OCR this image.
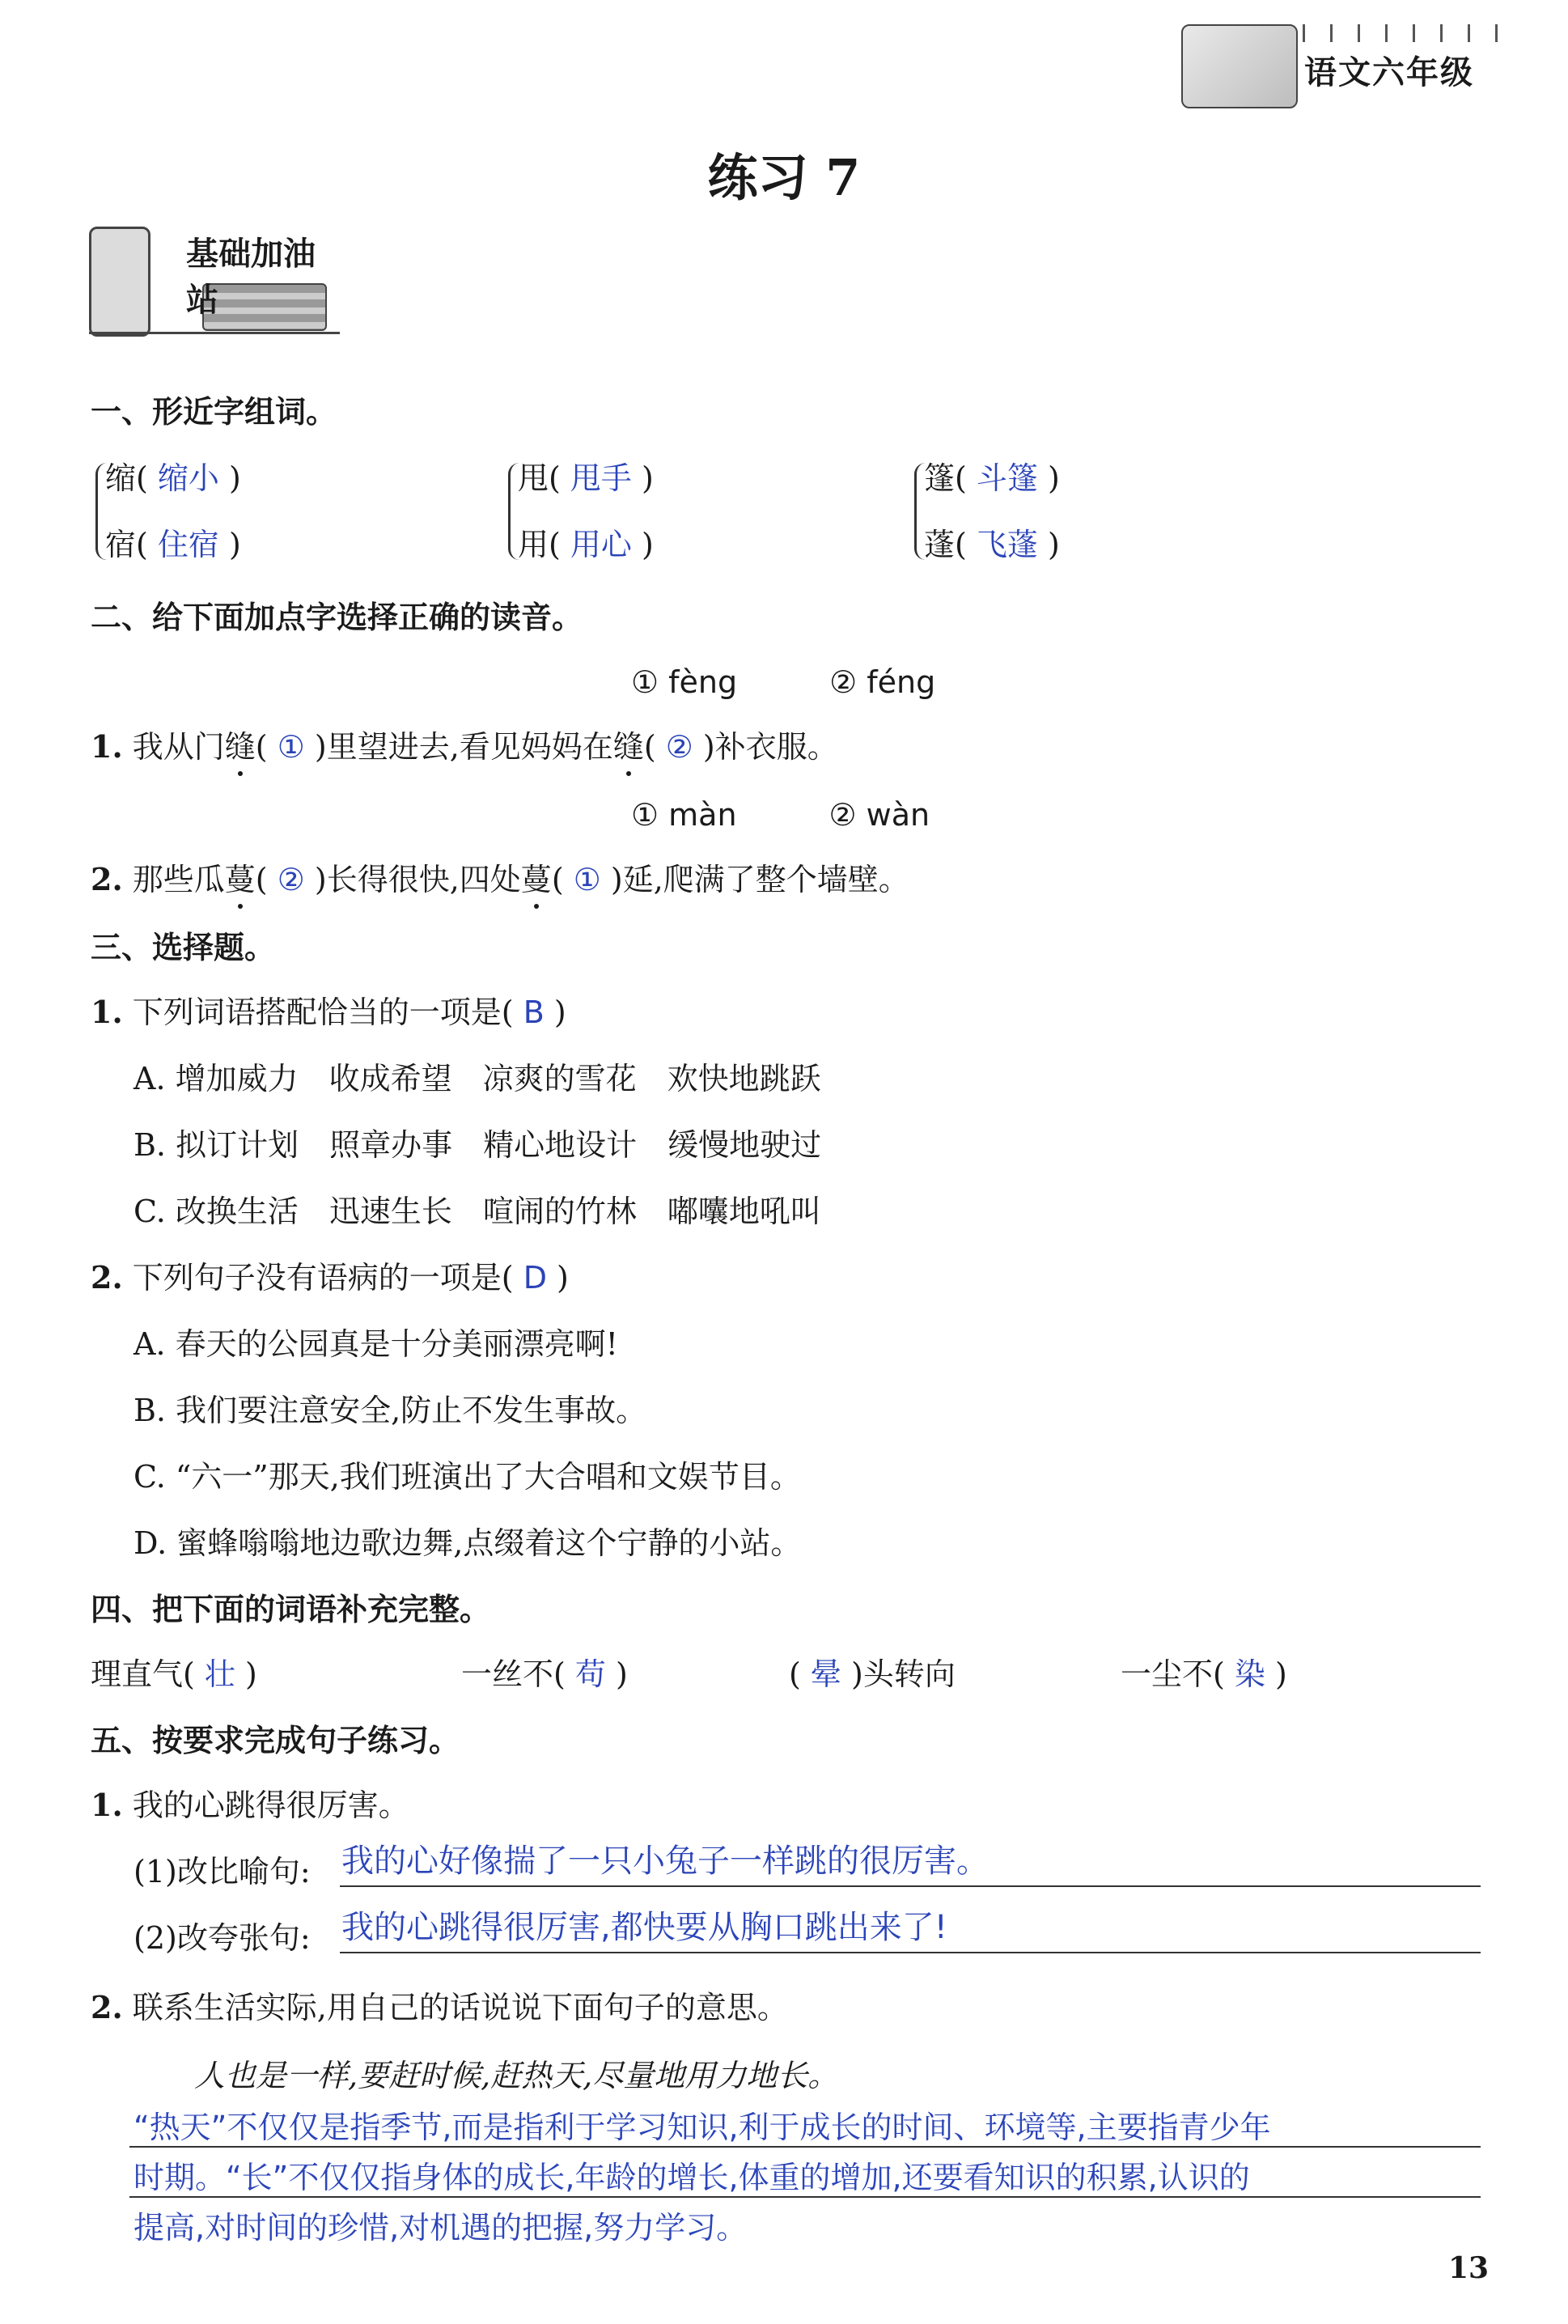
语文六年级
练习 7
基础加油站
一、形近字组词。
缩( 缩小 )
宿( 住宿 )
甩( 甩手 )
用( 用心 )
篷( 斗篷 )
蓬( 飞蓬 )
二、给下面加点字选择正确的读音。
① fèng　　　② féng
1. 我从门缝( ① )里望进去,看见妈妈在缝( ② )补衣服。
① màn　　　② wàn
2. 那些瓜蔓( ② )长得很快,四处蔓( ① )延,爬满了整个墙壁。
三、选择题。
1. 下列词语搭配恰当的一项是( B )
A. 增加威力　收成希望　凉爽的雪花　欢快地跳跃
B. 拟订计划　照章办事　精心地设计　缓慢地驶过
C. 改换生活　迅速生长　喧闹的竹林　嘟囔地吼叫
2. 下列句子没有语病的一项是( D )
A. 春天的公园真是十分美丽漂亮啊!
B. 我们要注意安全,防止不发生事故。
C. “六一”那天,我们班演出了大合唱和文娱节目。
D. 蜜蜂嗡嗡地边歌边舞,点缀着这个宁静的小站。
四、把下面的词语补充完整。
理直气( 壮 )	一丝不( 苟 )	( 晕 )头转向	一尘不( 染 )
五、按要求完成句子练习。
1. 我的心跳得很厉害。
(1)改比喻句: 我的心好像揣了一只小兔子一样跳的很厉害。
(2)改夸张句: 我的心跳得很厉害,都快要从胸口跳出来了!
2. 联系生活实际,用自己的话说说下面句子的意思。
人也是一样,要赶时候,赶热天,尽量地用力地长。
“热天”不仅仅是指季节,而是指利于学习知识,利于成长的时间、环境等,主要指青少年
时期。“长”不仅仅指身体的成长,年龄的增长,体重的增加,还要看知识的积累,认识的
提高,对时间的珍惜,对机遇的把握,努力学习。
13
